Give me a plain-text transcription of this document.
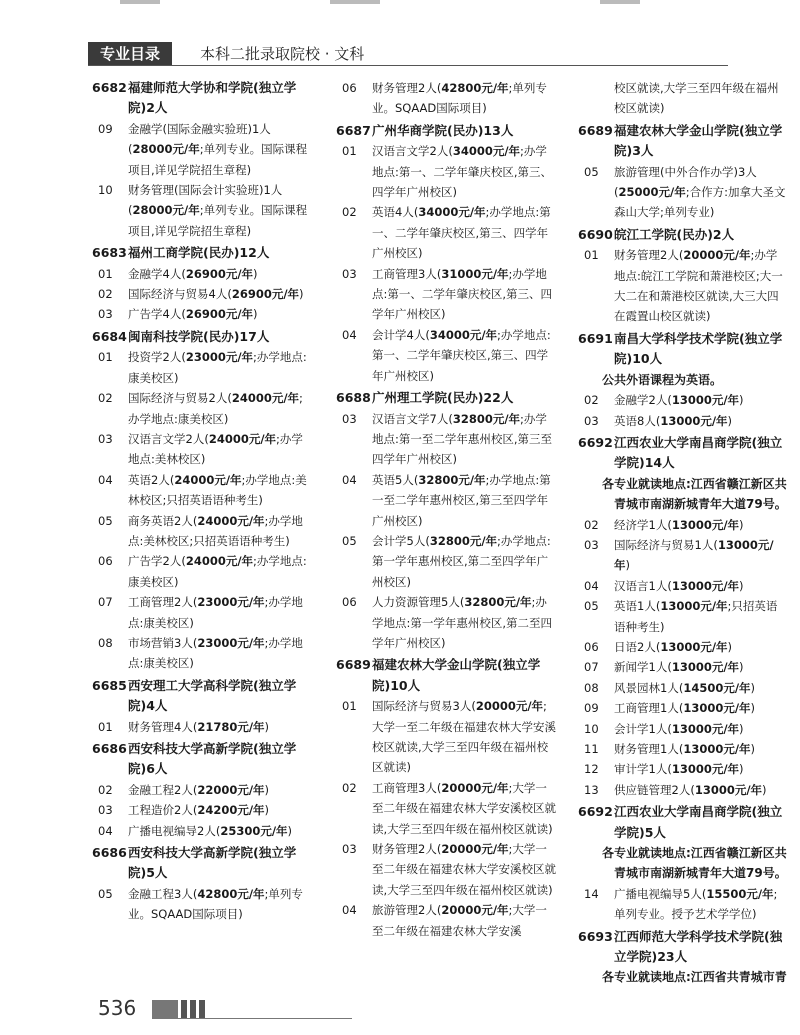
专业目录	本科二批录取院校 · 文科
6682 福建师范大学协和学院(独立学院)2人
09	金融学(国际金融实验班)1人(28000元/年;单列专业。国际课程项目,详见学院招生章程)
10	财务管理(国际会计实验班)1人(28000元/年;单列专业。国际课程项目,详见学院招生章程)
6683 福州工商学院(民办)12人
01	金融学4人(26900元/年)
02	国际经济与贸易4人(26900元/年)
03	广告学4人(26900元/年)
6684 闽南科技学院(民办)17人
01	投资学2人(23000元/年;办学地点:康美校区)
02	国际经济与贸易2人(24000元/年;办学地点:康美校区)
03	汉语言文学2人(24000元/年;办学地点:美林校区)
04	英语2人(24000元/年;办学地点:美林校区;只招英语语种考生)
05	商务英语2人(24000元/年;办学地点:美林校区;只招英语语种考生)
06	广告学2人(24000元/年;办学地点:康美校区)
07	工商管理2人(23000元/年;办学地点:康美校区)
08	市场营销3人(23000元/年;办学地点:康美校区)
6685 西安理工大学高科学院(独立学院)4人
01	财务管理4人(21780元/年)
6686 西安科技大学高新学院(独立学院)6人
02	金融工程2人(22000元/年)
03	工程造价2人(24200元/年)
04	广播电视编导2人(25300元/年)
6686 西安科技大学高新学院(独立学院)5人
05	金融工程3人(42800元/年;单列专业。SQAAD国际项目)
06	财务管理2人(42800元/年;单列专业。SQAAD国际项目)
6687 广州华商学院(民办)13人
01	汉语言文学2人(34000元/年;办学地点:第一、二学年肇庆校区,第三、四学年广州校区)
02	英语4人(34000元/年;办学地点:第一、二学年肇庆校区,第三、四学年广州校区)
03	工商管理3人(31000元/年;办学地点:第一、二学年肇庆校区,第三、四学年广州校区)
04	会计学4人(34000元/年;办学地点:第一、二学年肇庆校区,第三、四学年广州校区)
6688 广州理工学院(民办)22人
03	汉语言文学7人(32800元/年;办学地点:第一至二学年惠州校区,第三至四学年广州校区)
04	英语5人(32800元/年;办学地点:第一至二学年惠州校区,第三至四学年广州校区)
05	会计学5人(32800元/年;办学地点:第一学年惠州校区,第二至四学年广州校区)
06	人力资源管理5人(32800元/年;办学地点:第一学年惠州校区,第二至四学年广州校区)
6689 福建农林大学金山学院(独立学院)10人
01	国际经济与贸易3人(20000元/年;大学一至二年级在福建农林大学安溪校区就读,大学三至四年级在福州校区就读)
02	工商管理3人(20000元/年;大学一至二年级在福建农林大学安溪校区就读,大学三至四年级在福州校区就读)
03	财务管理2人(20000元/年;大学一至二年级在福建农林大学安溪校区就读,大学三至四年级在福州校区就读)
04	旅游管理2人(20000元/年;大学一至二年级在福建农林大学安溪
校区就读,大学三至四年级在福州校区就读)
6689 福建农林大学金山学院(独立学院)3人
05	旅游管理(中外合作办学)3人(25000元/年;合作方:加拿大圣文森山大学;单列专业)
6690 皖江工学院(民办)2人
01	财务管理2人(20000元/年;办学地点:皖江工学院和萧港校区;大一大二在和萧港校区就读,大三大四在霞置山校区就读)
6691 南昌大学科学技术学院(独立学院)10人
公共外语课程为英语。
02	金融学2人(13000元/年)
03	英语8人(13000元/年)
6692 江西农业大学南昌商学院(独立学院)14人
各专业就读地点:江西省赣江新区共青城市南湖新城青年大道79号。
02	经济学1人(13000元/年)
03	国际经济与贸易1人(13000元/年)
04	汉语言1人(13000元/年)
05	英语1人(13000元/年;只招英语语种考生)
06	日语2人(13000元/年)
07	新闻学1人(13000元/年)
08	风景园林1人(14500元/年)
09	工商管理1人(13000元/年)
10	会计学1人(13000元/年)
11	财务管理1人(13000元/年)
12	审计学1人(13000元/年)
13	供应链管理2人(13000元/年)
6692 江西农业大学南昌商学院(独立学院)5人
各专业就读地点:江西省赣江新区共青城市南湖新城青年大道79号。
14	广播电视编导5人(15500元/年;单列专业。授予艺术学学位)
6693 江西师范大学科学技术学院(独立学院)23人
各专业就读地点:江西省共青城市青
536
